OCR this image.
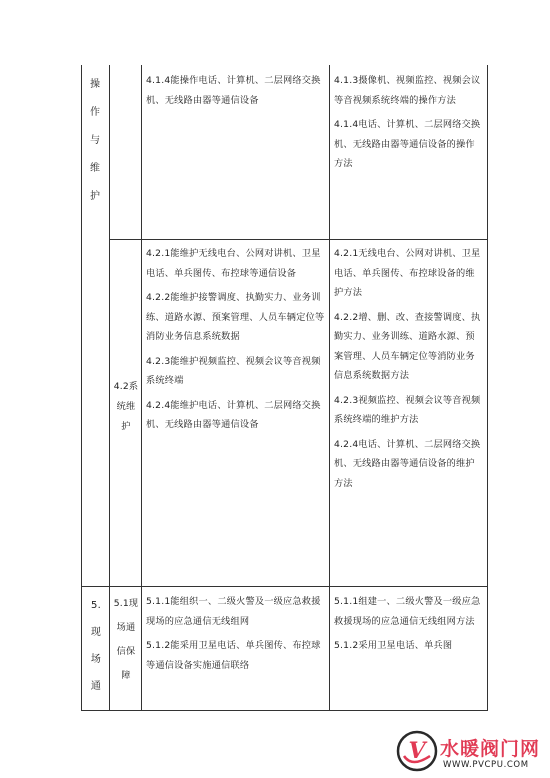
操
作
与
维
护

4.1.4能操作电话、计算机、二层网络交换机、无线路由器等通信设备

4.1.3摄像机、视频监控、视频会议等音视频系统终端的操作方法

4.1.4电话、计算机、二层网络交换机、无线路由器等通信设备的操作方法

4.2系统维护

4.2.1能维护无线电台、公网对讲机、卫星电话、单兵图传、布控球等通信设备

4.2.2能维护接警调度、执勤实力、业务训练、道路水源、预案管理、人员车辆定位等消防业务信息系统数据

4.2.3能维护视频监控、视频会议等音视频系统终端

4.2.4能维护电话、计算机、二层网络交换机、无线路由器等通信设备

4.2.1无线电台、公网对讲机、卫星电话、单兵图传、布控球设备的维护方法

4.2.2增、删、改、查接警调度、执勤实力、业务训练、道路水源、预案管理、人员车辆定位等消防业务信息系统数据方法

4.2.3视频监控、视频会议等音视频系统终端的维护方法

4.2.4电话、计算机、二层网络交换机、无线路由器等通信设备的维护方法

5.现场通
5.1现场通信保障

5.1.1能组织一、二级火警及一级应急救援现场的应急通信无线组网

5.1.2能采用卫星电话、单兵图传、布控球等通信设备实施通信联络

5.1.1组建一、二级火警及一级应急救援现场的应急通信无线组网方法

5.1.2采用卫星电话、单兵图

V 水暖阀门网
WWW.PVCPU.COM
